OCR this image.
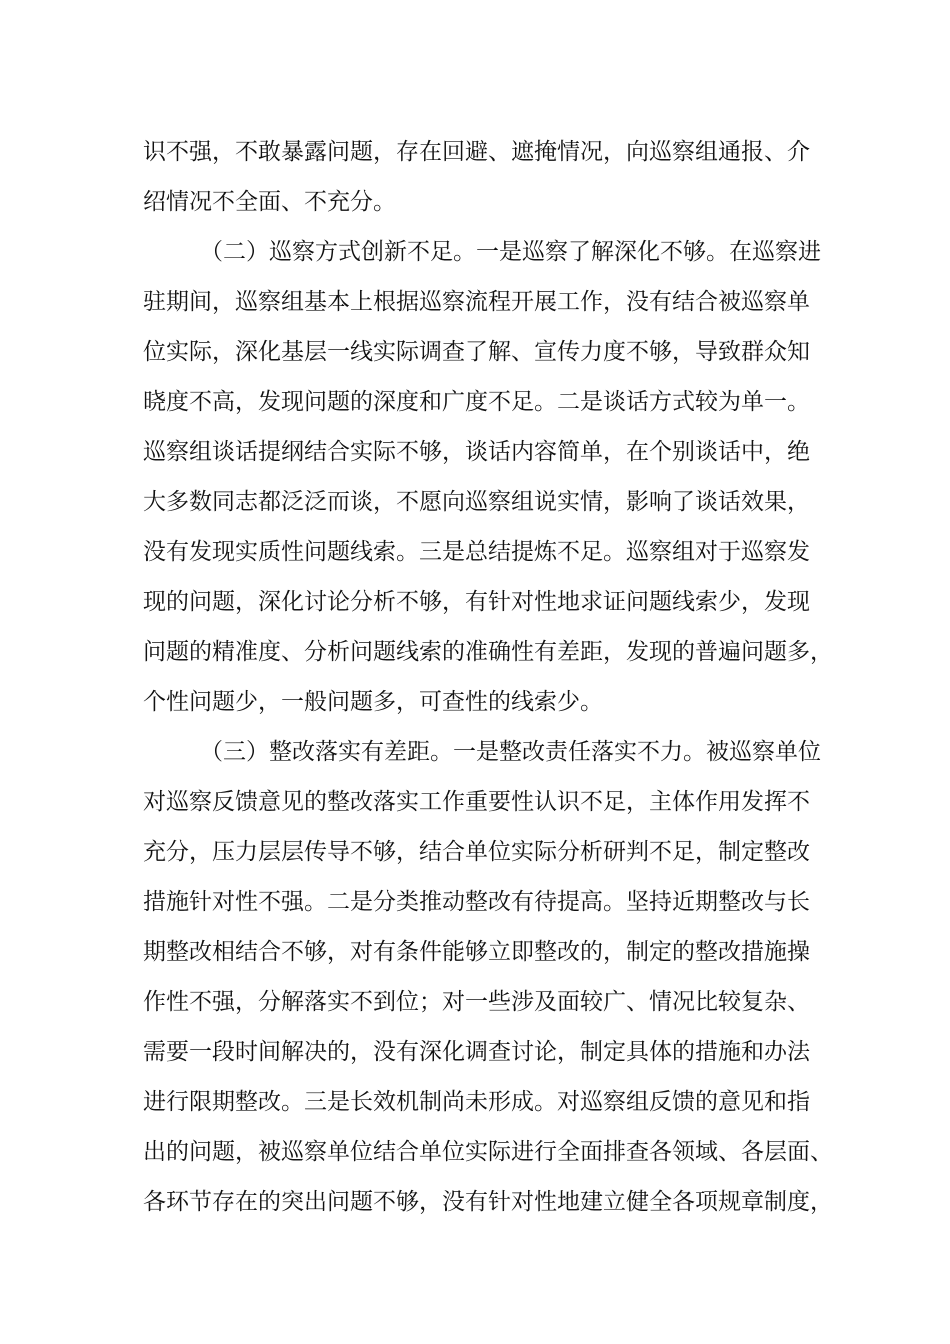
识不强，不敢暴露问题，存在回避、遮掩情况，向巡察组通报、介
绍情况不全面、不充分。
（二）巡察方式创新不足。一是巡察了解深化不够。在巡察进
驻期间，巡察组基本上根据巡察流程开展工作，没有结合被巡察单
位实际，深化基层一线实际调查了解、宣传力度不够，导致群众知
晓度不高，发现问题的深度和广度不足。二是谈话方式较为单一。
巡察组谈话提纲结合实际不够，谈话内容简单，在个别谈话中，绝
大多数同志都泛泛而谈，不愿向巡察组说实情，影响了谈话效果，
没有发现实质性问题线索。三是总结提炼不足。巡察组对于巡察发
现的问题，深化讨论分析不够，有针对性地求证问题线索少，发现
问题的精准度、分析问题线索的准确性有差距，发现的普遍问题多，
个性问题少，一般问题多，可查性的线索少。
（三）整改落实有差距。一是整改责任落实不力。被巡察单位
对巡察反馈意见的整改落实工作重要性认识不足，主体作用发挥不
充分，压力层层传导不够，结合单位实际分析研判不足，制定整改
措施针对性不强。二是分类推动整改有待提高。坚持近期整改与长
期整改相结合不够，对有条件能够立即整改的，制定的整改措施操
作性不强，分解落实不到位；对一些涉及面较广、情况比较复杂、
需要一段时间解决的，没有深化调查讨论，制定具体的措施和办法
进行限期整改。三是长效机制尚未形成。对巡察组反馈的意见和指
出的问题，被巡察单位结合单位实际进行全面排查各领域、各层面、
各环节存在的突出问题不够，没有针对性地建立健全各项规章制度，
